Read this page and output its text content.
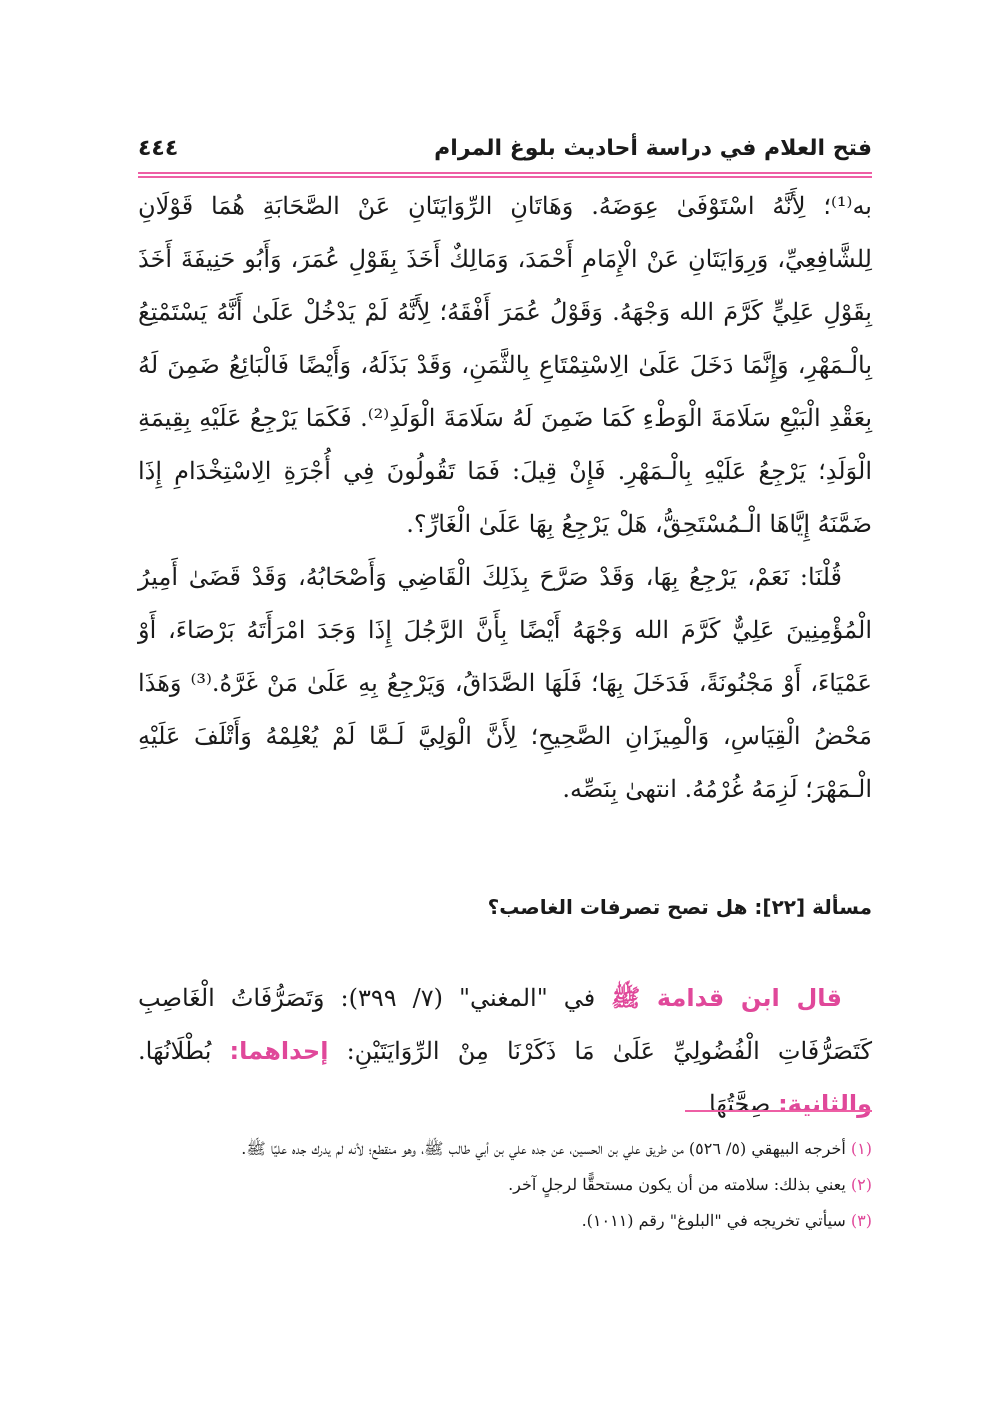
فتح العلام في دراسة أحاديث بلوغ المرام
٤٤٤

به⁽¹⁾؛ لِأَنَّهُ اسْتَوْفَىٰ عِوَضَهُ. وَهَاتَانِ الرِّوَايَتَانِ عَنْ الصَّحَابَةِ هُمَا قَوْلَانِ لِلشَّافِعِيِّ، وَرِوَايَتَانِ عَنْ الْإِمَامِ أَحْمَدَ، وَمَالِكٌ أَخَذَ بِقَوْلِ عُمَرَ، وَأَبُو حَنِيفَةَ أَخَذَ بِقَوْلِ عَلِيٍّ كَرَّمَ الله وَجْهَهُ. وَقَوْلُ عُمَرَ أَفْقَهُ؛ لِأَنَّهُ لَمْ يَدْخُلْ عَلَىٰ أَنَّهُ يَسْتَمْتِعُ بِالْـمَهْرِ، وَإِنَّمَا دَخَلَ عَلَىٰ الِاسْتِمْتَاعِ بِالثَّمَنِ، وَقَدْ بَذَلَهُ، وَأَيْضًا فَالْبَائِعُ ضَمِنَ لَهُ بِعَقْدِ الْبَيْعِ سَلَامَةَ الْوَطْءِ كَمَا ضَمِنَ لَهُ سَلَامَةَ الْوَلَدِ⁽²⁾. فَكَمَا يَرْجِعُ عَلَيْهِ بِقِيمَةِ الْوَلَدِ؛ يَرْجِعُ عَلَيْهِ بِالْـمَهْرِ. فَإِنْ قِيلَ: فَمَا تَقُولُونَ فِي أُجْرَةِ الِاسْتِخْدَامِ إِذَا ضَمَّنَهُ إِيَّاهَا الْـمُسْتَحِقُّ، هَلْ يَرْجِعُ بِهَا عَلَىٰ الْغَارِّ؟.

قُلْنَا: نَعَمْ، يَرْجِعُ بِهَا، وَقَدْ صَرَّحَ بِذَلِكَ الْقَاضِي وَأَصْحَابُهُ، وَقَدْ قَضَىٰ أَمِيرُ الْمُؤْمِنِينَ عَلِيٌّ كَرَّمَ الله وَجْهَهُ أَيْضًا بِأَنَّ الرَّجُلَ إِذَا وَجَدَ امْرَأَتَهُ بَرْصَاءَ، أَوْ عَمْيَاءَ، أَوْ مَجْنُونَةً، فَدَخَلَ بِهَا؛ فَلَهَا الصَّدَاقُ، وَيَرْجِعُ بِهِ عَلَىٰ مَنْ غَرَّهُ.⁽³⁾ وَهَذَا مَحْضُ الْقِيَاسِ، وَالْمِيزَانِ الصَّحِيحِ؛ لِأَنَّ الْوَلِيَّ لَـمَّا لَمْ يُعْلِمْهُ وَأَتْلَفَ عَلَيْهِ الْـمَهْرَ؛ لَزِمَهُ غُرْمُهُ. انتهىٰ بِنَصِّه.

مسألة [٢٢]: هل تصح تصرفات الغاصب؟

قال ابن قدامة ﷺ في "المغني" (٧/ ٣٩٩): وَتَصَرُّفَاتُ الْغَاصِبِ كَتَصَرُّفَاتِ الْفُضُولِيِّ عَلَىٰ مَا ذَكَرْنَا مِنْ الرِّوَايَتَيْنِ: إحداهما: بُطْلَانُهَا. والثانية: صِحَّتُهَا

(١) أخرجه البيهقي (٥/ ٥٢٦) من طريق علي بن الحسين، عن جده علي بن أبي طالب ﷺ، وهو منقطع؛ لأنه لم يدرك جده عليًا ﷺ.

(٢) يعني بذلك: سلامته من أن يكون مستحقًّا لرجلٍ آخر.

(٣) سيأتي تخريجه في "البلوغ" رقم (١٠١١).
